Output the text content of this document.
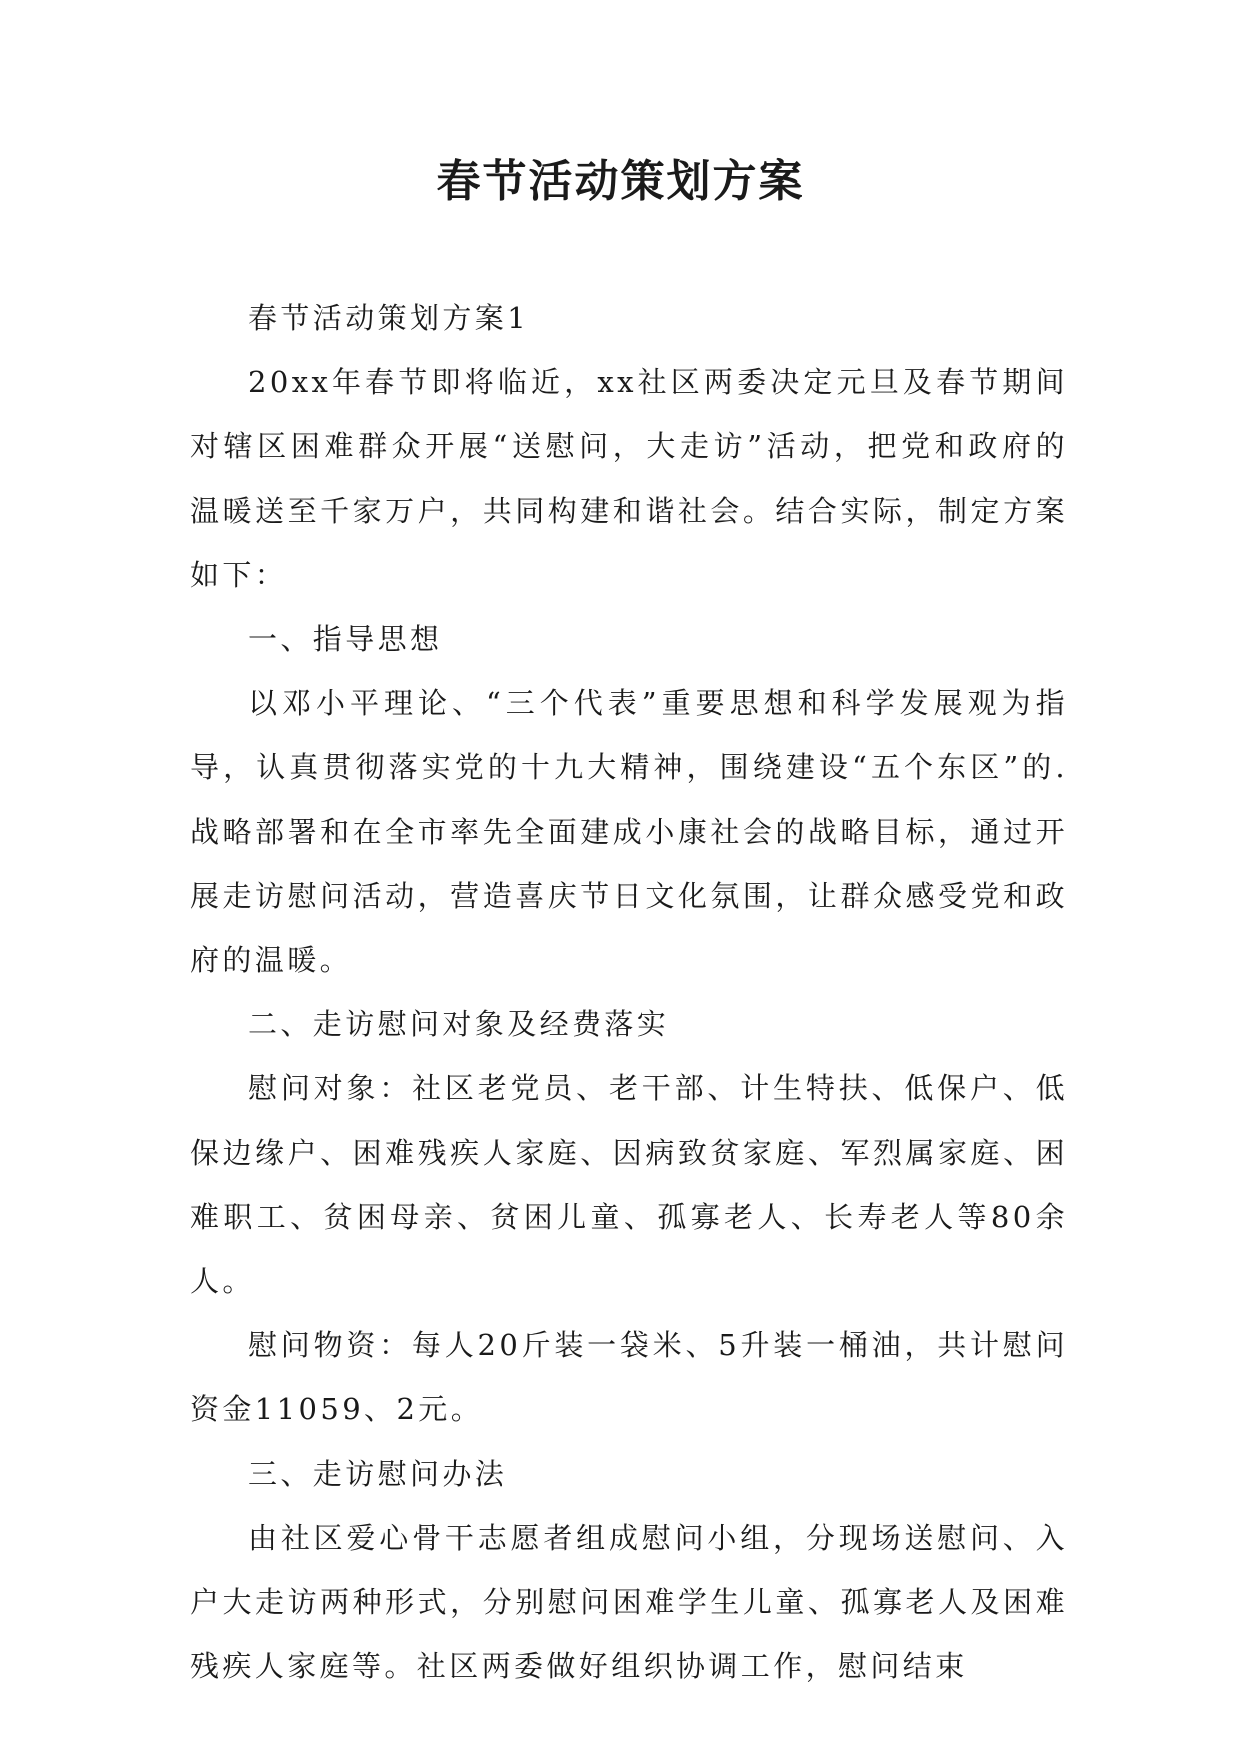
春节活动策划方案

春节活动策划方案1

20xx年春节即将临近，xx社区两委决定元旦及春节期间对辖区困难群众开展“送慰问，大走访”活动，把党和政府的温暖送至千家万户，共同构建和谐社会。结合实际，制定方案如下：

一、指导思想

以邓小平理论、“三个代表”重要思想和科学发展观为指导，认真贯彻落实党的十九大精神，围绕建设“五个东区”的.战略部署和在全市率先全面建成小康社会的战略目标，通过开展走访慰问活动，营造喜庆节日文化氛围，让群众感受党和政府的温暖。

二、走访慰问对象及经费落实

慰问对象：社区老党员、老干部、计生特扶、低保户、低保边缘户、困难残疾人家庭、因病致贫家庭、军烈属家庭、困难职工、贫困母亲、贫困儿童、孤寡老人、长寿老人等80余人。

慰问物资：每人20斤装一袋米、5升装一桶油，共计慰问资金11059、2元。

三、走访慰问办法

由社区爱心骨干志愿者组成慰问小组，分现场送慰问、入户大走访两种形式，分别慰问困难学生儿童、孤寡老人及困难残疾人家庭等。社区两委做好组织协调工作，慰问结束
